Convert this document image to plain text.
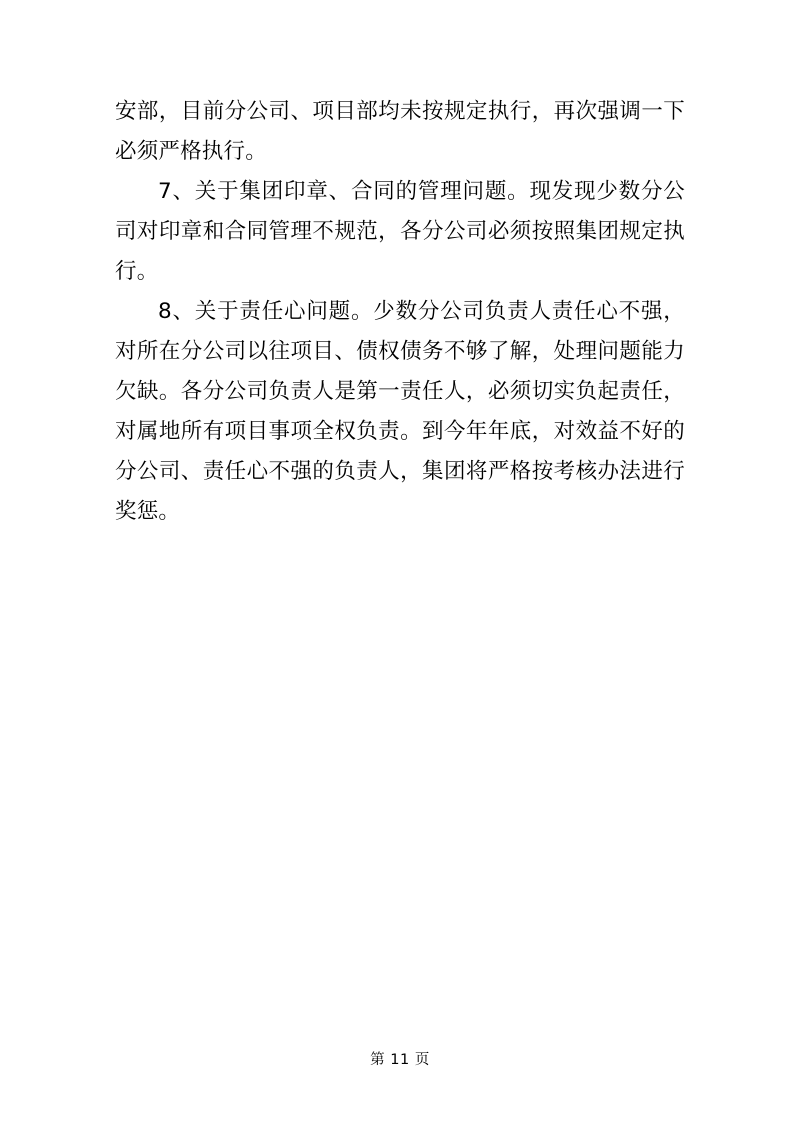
安部，目前分公司、项目部均未按规定执行，再次强调一下必须严格执行。

7、关于集团印章、合同的管理问题。现发现少数分公司对印章和合同管理不规范，各分公司必须按照集团规定执行。

8、关于责任心问题。少数分公司负责人责任心不强，对所在分公司以往项目、债权债务不够了解，处理问题能力欠缺。各分公司负责人是第一责任人，必须切实负起责任，对属地所有项目事项全权负责。到今年年底，对效益不好的分公司、责任心不强的负责人，集团将严格按考核办法进行奖惩。

第 11 页
